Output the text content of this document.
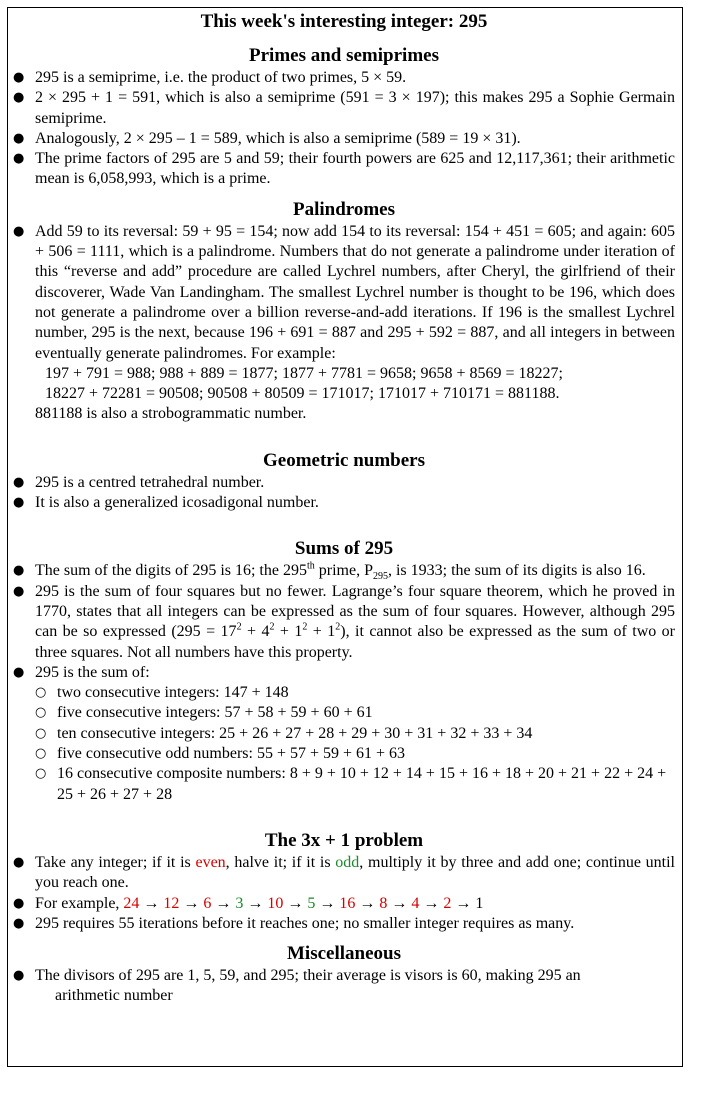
This week's interesting integer: 295
Primes and semiprimes
● 295 is a semiprime, i.e. the product of two primes, 5 × 59.
● 2 × 295 + 1 = 591, which is also a semiprime (591 = 3 × 197); this makes 295 a Sophie Germain semiprime.
● Analogously, 2 × 295 – 1 = 589, which is also a semiprime (589 = 19 × 31).
● The prime factors of 295 are 5 and 59; their fourth powers are 625 and 12,117,361; their arithmetic mean is 6,058,993, which is a prime.
Palindromes
● Add 59 to its reversal: 59 + 95 = 154; now add 154 to its reversal: 154 + 451 = 605; and again: 605 + 506 = 1111, which is a palindrome. Numbers that do not generate a palindrome under iteration of this “reverse and add” procedure are called Lychrel numbers, after Cheryl, the girlfriend of their discoverer, Wade Van Landingham. The smallest Lychrel number is thought to be 196, which does not generate a palindrome over a billion reverse-and-add iterations. If 196 is the smallest Lychrel number, 295 is the next, because 196 + 691 = 887 and 295 + 592 = 887, and all integers in between eventually generate palindromes. For example:
197 + 791 = 988; 988 + 889 = 1877; 1877 + 7781 = 9658; 9658 + 8569 = 18227;
18227 + 72281 = 90508; 90508 + 80509 = 171017; 171017 + 710171 = 881188.
881188 is also a strobogrammatic number.
Geometric numbers
● 295 is a centred tetrahedral number.
● It is also a generalized icosadigonal number.
Sums of 295
● The sum of the digits of 295 is 16; the 295th prime, $P_{295}$, is 1933; the sum of its digits is also 16.
● 295 is the sum of four squares but no fewer. Lagrange’s four square theorem, which he proved in 1770, states that all integers can be expressed as the sum of four squares. However, although 295 can be so expressed $(295 = 17^2 + 4^2 + 1^2 + 1^2)$, it cannot also be expressed as the sum of two or three squares. Not all numbers have this property.
● 295 is the sum of:
○ two consecutive integers: 147 + 148
○ five consecutive integers: 57 + 58 + 59 + 60 + 61
○ ten consecutive integers: 25 + 26 + 27 + 28 + 29 + 30 + 31 + 32 + 33 + 34
○ five consecutive odd numbers: 55 + 57 + 59 + 61 + 63
○ 16 consecutive composite numbers: 8 + 9 + 10 + 12 + 14 + 15 + 16 + 18 + 20 + 21 + 22 + 24 + 25 + 26 + 27 + 28
The 3x + 1 problem
● Take any integer; if it is even, halve it; if it is odd, multiply it by three and add one; continue until you reach one.
● For example, 24 → 12 → 6 → 3 → 10 → 5 → 16 → 8 → 4 → 2 → 1
● 295 requires 55 iterations before it reaches one; no smaller integer requires as many.
Miscellaneous
● The divisors of 295 are 1, 5, 59, and 295; their average is visors is 60, making 295 an
arithmetic number
